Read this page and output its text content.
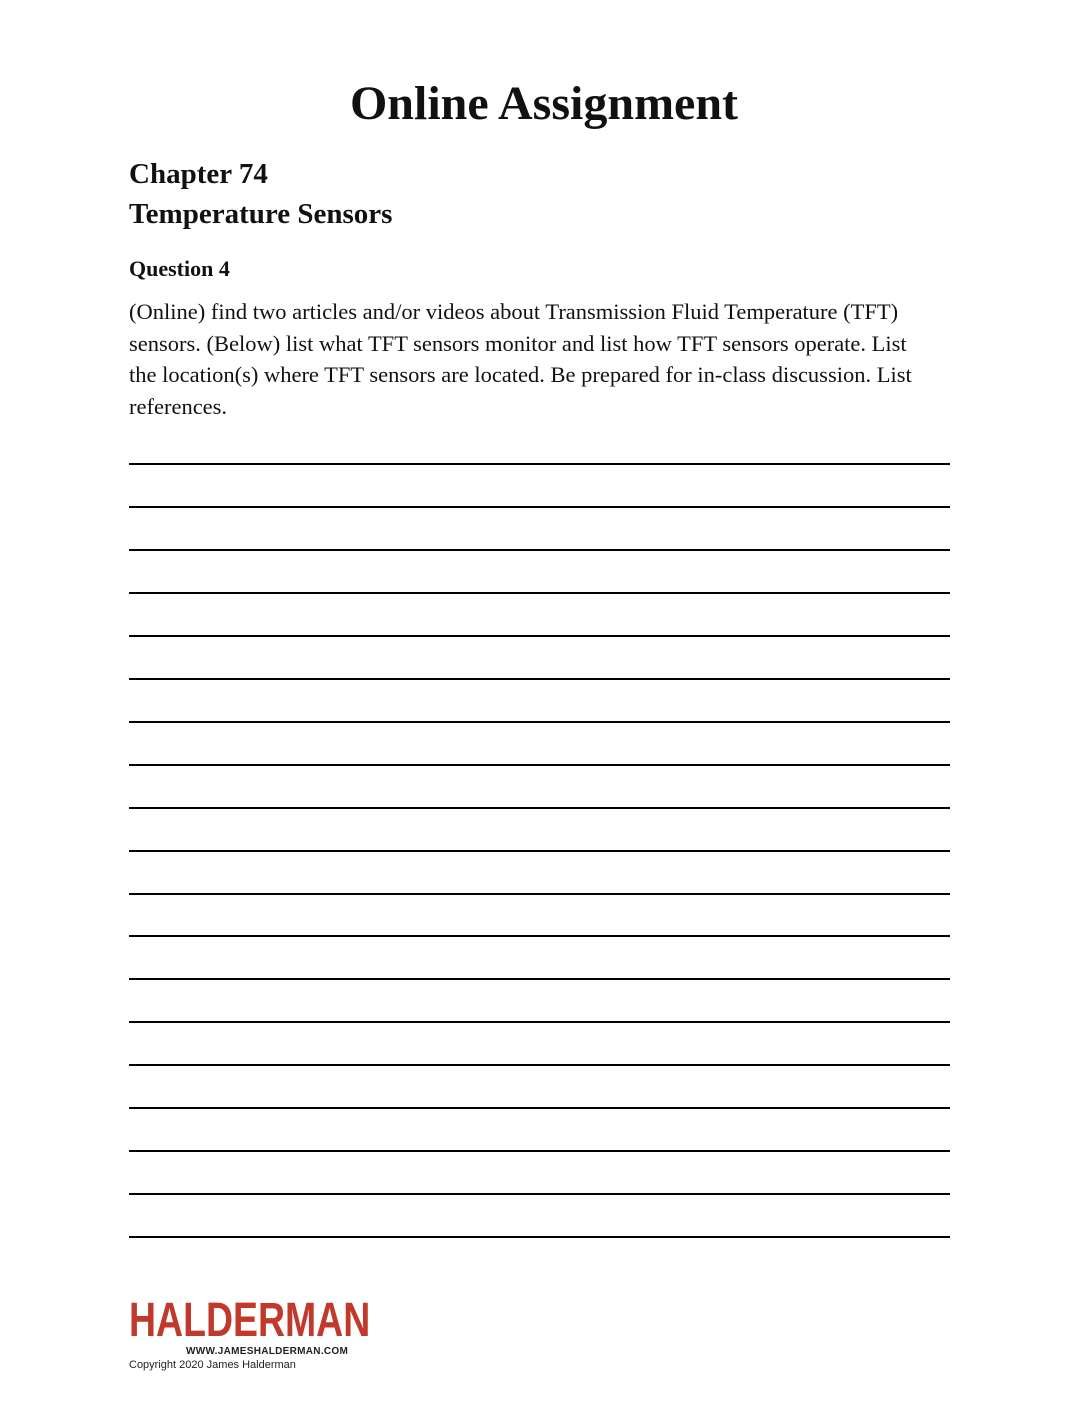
Online Assignment
Chapter 74
Temperature Sensors
Question 4

(Online) find two articles and/or videos about Transmission Fluid Temperature (TFT) sensors. (Below) list what TFT sensors monitor and list how TFT sensors operate. List the location(s) where TFT sensors are located. Be prepared for in-class discussion. List references.

HALDERMAN
WWW.JAMESHALDERMAN.COM
Copyright 2020 James Halderman
